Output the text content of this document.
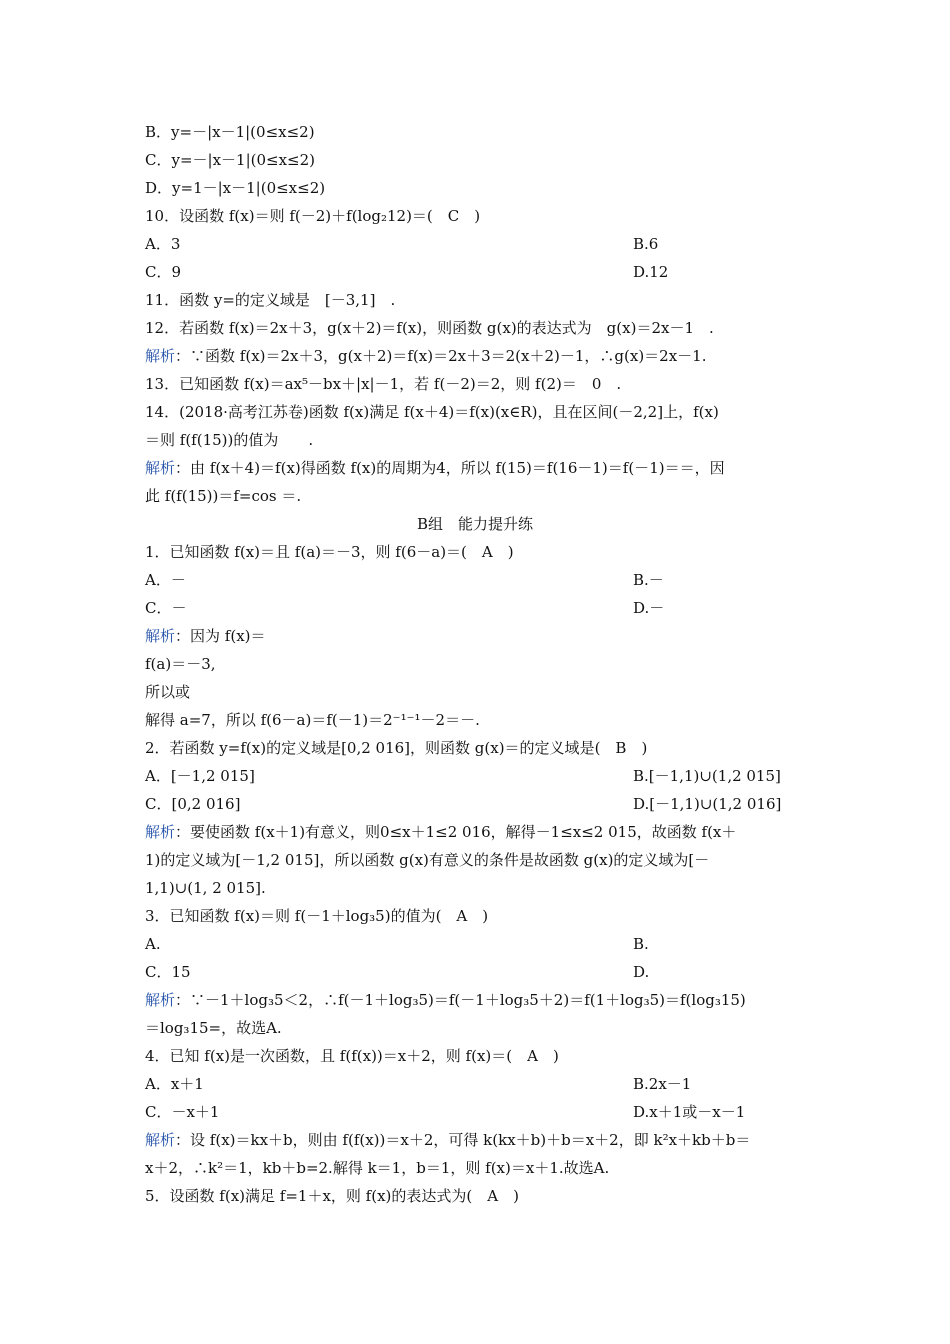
B．y=－|x－1|(0≤x≤2)
C．y=－|x－1|(0≤x≤2)
D．y=1－|x－1|(0≤x≤2)
10．设函数 f(x)＝则 f(－2)＋f(log₂12)＝(　C　)
A．3	B.6
C．9	D.12
11．函数 y=的定义域是　[－3,1]　.
12．若函数 f(x)＝2x＋3，g(x＋2)＝f(x)，则函数 g(x)的表达式为　g(x)＝2x－1　.
解析：∵函数 f(x)＝2x＋3，g(x＋2)＝f(x)＝2x＋3＝2(x＋2)－1，∴g(x)＝2x－1.
13．已知函数 f(x)＝ax⁵－bx＋|x|－1，若 f(－2)＝2，则 f(2)＝　0　.
14．(2018·高考江苏卷)函数 f(x)满足 f(x＋4)＝f(x)(x∈R)，且在区间(－2,2]上，f(x)
＝则 f(f(15))的值为　　.
解析：由 f(x＋4)＝f(x)得函数 f(x)的周期为4，所以 f(15)＝f(16－1)＝f(－1)＝＝，因
此 f(f(15))＝f=cos ＝.
B组　能力提升练
1．已知函数 f(x)＝且 f(a)＝－3，则 f(6－a)＝(　A　)
A．－	B.－
C．－	D.－
解析：因为 f(x)＝
f(a)＝－3,
所以或
解得 a=7，所以 f(6－a)＝f(－1)＝2⁻¹⁻¹－2＝－.
2．若函数 y=f(x)的定义域是[0,2 016]，则函数 g(x)＝的定义域是(　B　)
A．[－1,2 015]	B.[－1,1)∪(1,2 015]
C．[0,2 016]	D.[－1,1)∪(1,2 016]
解析：要使函数 f(x＋1)有意义，则0≤x＋1≤2 016，解得－1≤x≤2 015，故函数 f(x＋
1)的定义域为[－1,2 015]，所以函数 g(x)有意义的条件是故函数 g(x)的定义域为[－
1,1)∪(1, 2 015].
3．已知函数 f(x)＝则 f(－1＋log₃5)的值为(　A　)
A.	B.
C．15	D.
解析：∵－1＋log₃5＜2，∴f(－1＋log₃5)＝f(－1＋log₃5＋2)＝f(1＋log₃5)＝f(log₃15)
＝log₃15=，故选A.
4．已知 f(x)是一次函数，且 f(f(x))＝x＋2，则 f(x)＝(　A　)
A．x＋1	B.2x－1
C．－x＋1	D.x＋1或－x－1
解析：设 f(x)＝kx＋b，则由 f(f(x))＝x＋2，可得 k(kx＋b)＋b＝x＋2，即 k²x＋kb＋b＝
x＋2，∴k²＝1，kb＋b=2.解得 k＝1，b＝1，则 f(x)＝x＋1.故选A.
5．设函数 f(x)满足 f=1＋x，则 f(x)的表达式为(　A　)
